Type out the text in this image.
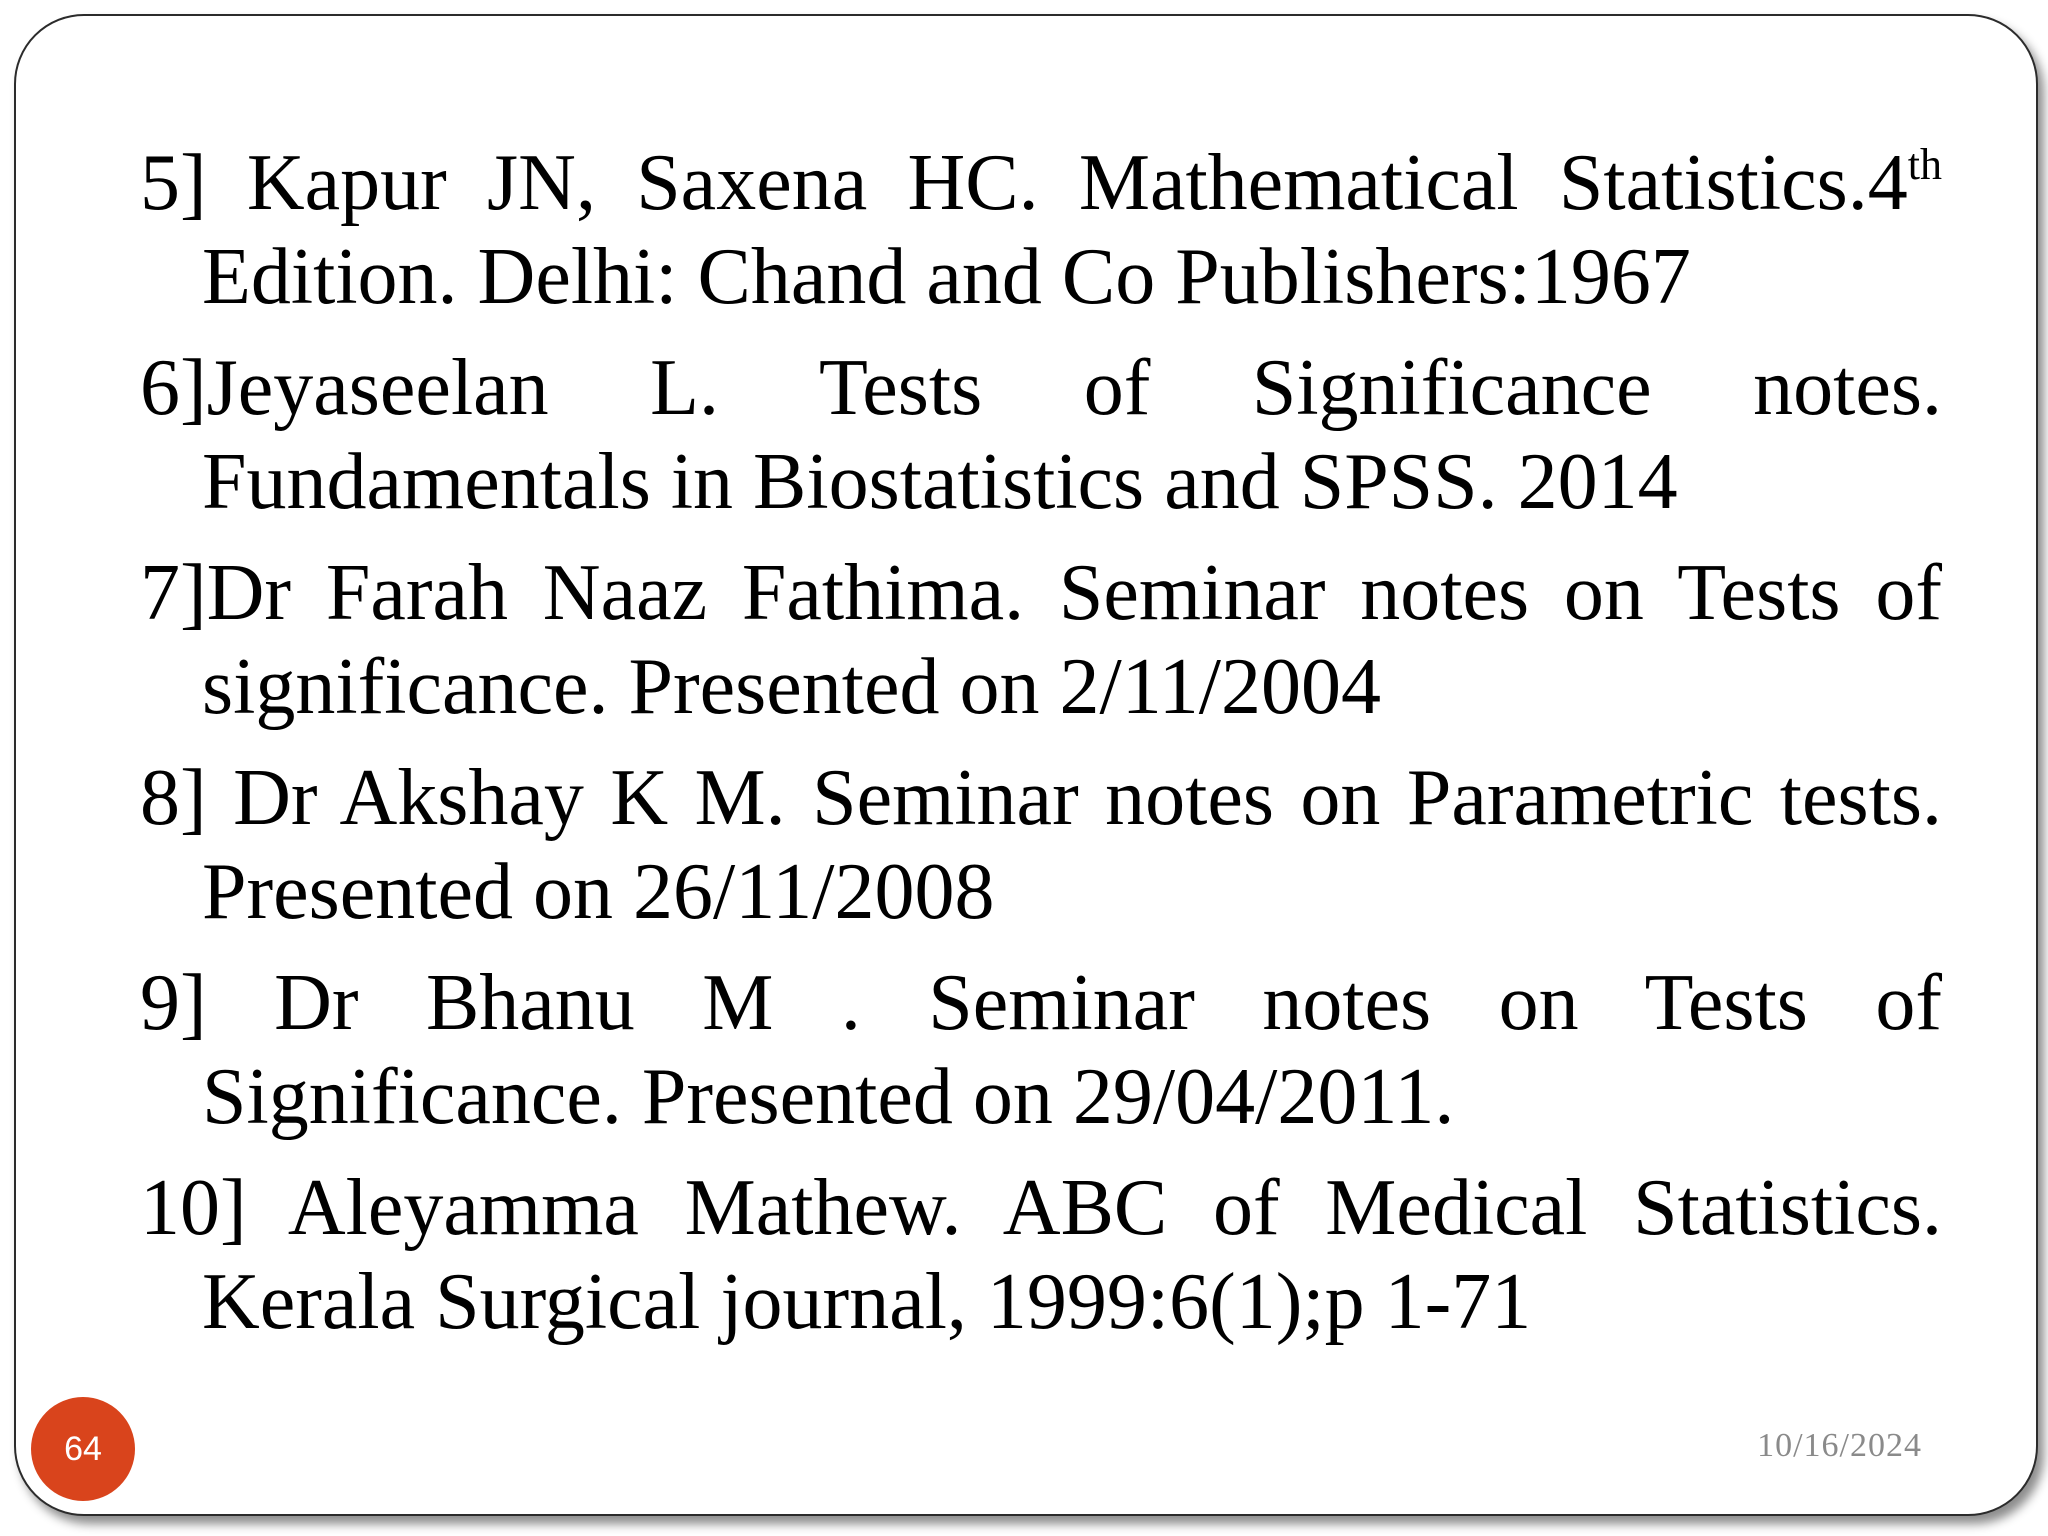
5] Kapur JN, Saxena HC. Mathematical Statistics.4th Edition. Delhi: Chand and Co Publishers:1967
6]Jeyaseelan L. Tests of Significance notes. Fundamentals in Biostatistics and SPSS. 2014
7]Dr Farah Naaz Fathima. Seminar notes on Tests of significance. Presented on 2/11/2004
8] Dr Akshay K M. Seminar notes on Parametric tests. Presented on 26/11/2008
9] Dr Bhanu M . Seminar notes on Tests of Significance. Presented on 29/04/2011.
10] Aleyamma Mathew. ABC of Medical Statistics. Kerala Surgical journal, 1999:6(1);p 1-71
64	10/16/2024
